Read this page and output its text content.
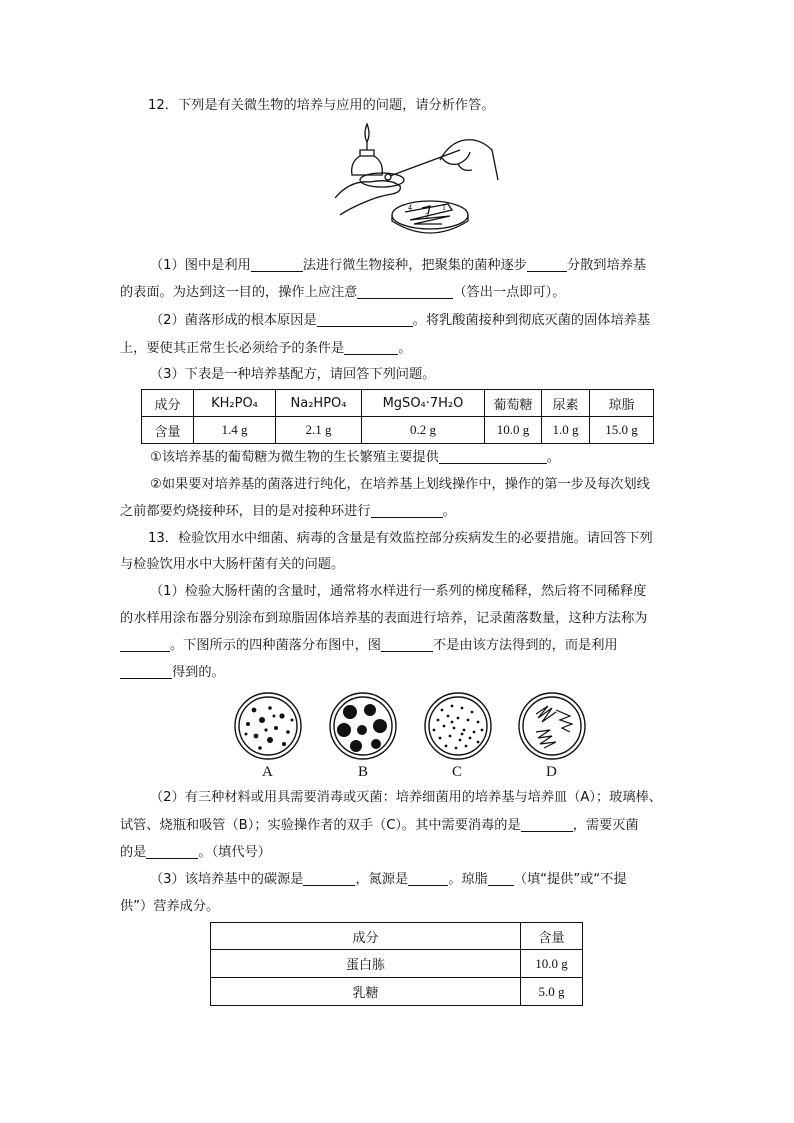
12．下列是有关微生物的培养与应用的问题，请分析作答。
4	1
2
（1）图中是利用	法进行微生物接种，把聚集的菌种逐步	分散到培养基
的表面。为达到这一目的，操作上应注意	（答出一点即可）。
（2）菌落形成的根本原因是	。将乳酸菌接种到彻底灭菌的固体培养基
上，要使其正常生长必须给予的条件是	。
（3）下表是一种培养基配方，请回答下列问题。
成分	KH₂PO₄	Na₂HPO₄	MgSO₄·7H₂O	葡萄糖	尿素	琼脂
含量	1.4 g	2.1 g	0.2 g	10.0 g	1.0 g	15.0 g
①该培养基的葡萄糖为微生物的生长繁殖主要提供	。
②如果要对培养基的菌落进行纯化，在培养基上划线操作中，操作的第一步及每次划线
之前都要灼烧接种环，目的是对接种环进行	。
13．检验饮用水中细菌、病毒的含量是有效监控部分疾病发生的必要措施。请回答下列
与检验饮用水中大肠杆菌有关的问题。
（1）检验大肠杆菌的含量时，通常将水样进行一系列的梯度稀释，然后将不同稀释度
的水样用涂布器分别涂布到琼脂固体培养基的表面进行培养，记录菌落数量，这种方法称为
。下图所示的四种菌落分布图中，图	不是由该方法得到的，而是利用
得到的。
A	B	C	D
（2）有三种材料或用具需要消毒或灭菌：培养细菌用的培养基与培养皿（A）；玻璃棒、
试管、烧瓶和吸管（B）；实验操作者的双手（C）。其中需要消毒的是	，需要灭菌
的是	。（填代号）
（3）该培养基中的碳源是	，氮源是	。琼脂 （填“提供”或“不提
供”）营养成分。
成分	含量
蛋白胨	10.0 g
乳糖	5.0 g
